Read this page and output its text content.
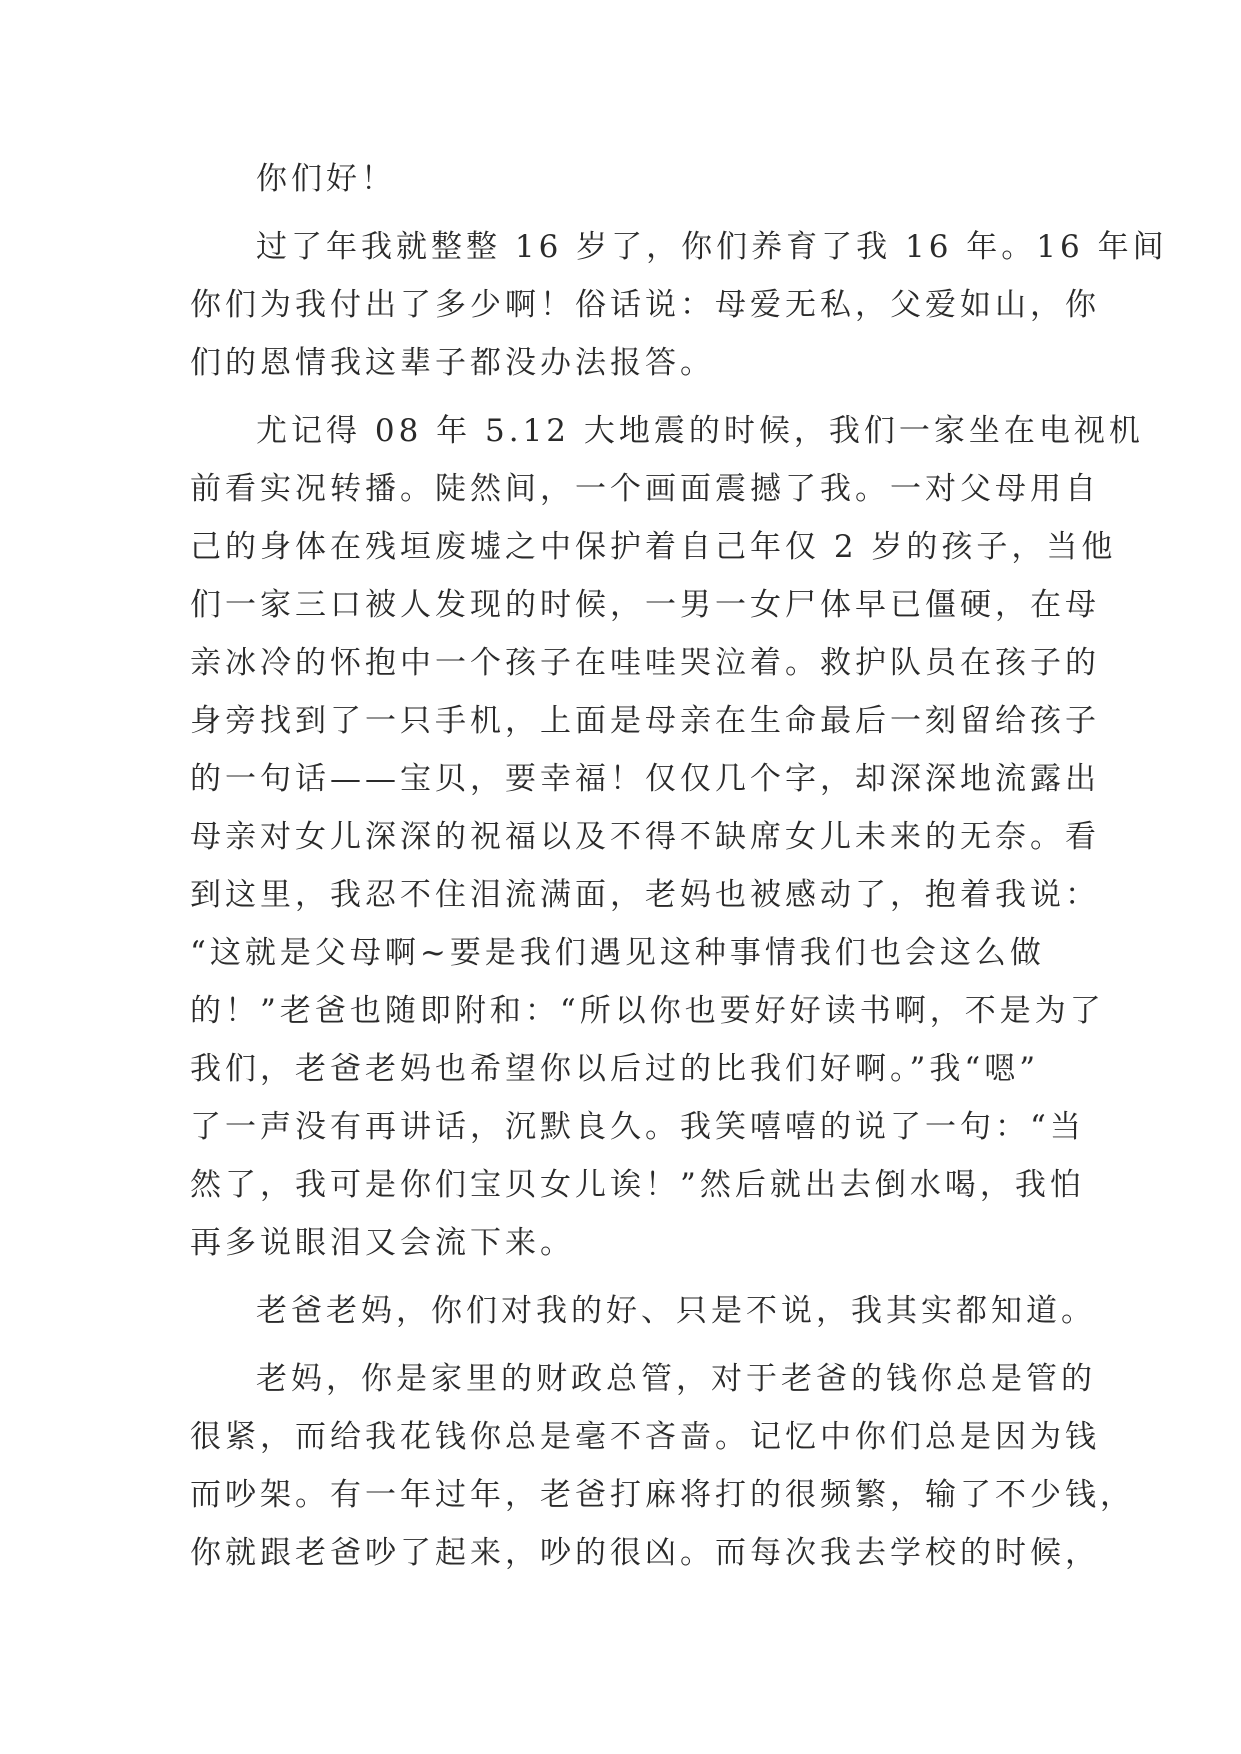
你们好！
过了年我就整整 16 岁了，你们养育了我 16 年。16 年间
你们为我付出了多少啊！俗话说：母爱无私，父爱如山，你
们的恩情我这辈子都没办法报答。
尤记得 08 年 5.12 大地震的时候，我们一家坐在电视机
前看实况转播。陡然间，一个画面震撼了我。一对父母用自
己的身体在残垣废墟之中保护着自己年仅 2 岁的孩子，当他
们一家三口被人发现的时候，一男一女尸体早已僵硬，在母
亲冰冷的怀抱中一个孩子在哇哇哭泣着。救护队员在孩子的
身旁找到了一只手机，上面是母亲在生命最后一刻留给孩子
的一句话——宝贝，要幸福！仅仅几个字，却深深地流露出
母亲对女儿深深的祝福以及不得不缺席女儿未来的无奈。看
到这里，我忍不住泪流满面，老妈也被感动了，抱着我说：
“这就是父母啊~要是我们遇见这种事情我们也会这么做
的！”老爸也随即附和：“所以你也要好好读书啊，不是为了
我们，老爸老妈也希望你以后过的比我们好啊。”我“嗯”
了一声没有再讲话，沉默良久。我笑嘻嘻的说了一句：“当
然了，我可是你们宝贝女儿诶！”然后就出去倒水喝，我怕
再多说眼泪又会流下来。
老爸老妈，你们对我的好、只是不说，我其实都知道。
老妈，你是家里的财政总管，对于老爸的钱你总是管的
很紧，而给我花钱你总是毫不吝啬。记忆中你们总是因为钱
而吵架。有一年过年，老爸打麻将打的很频繁，输了不少钱，
你就跟老爸吵了起来，吵的很凶。而每次我去学校的时候，
